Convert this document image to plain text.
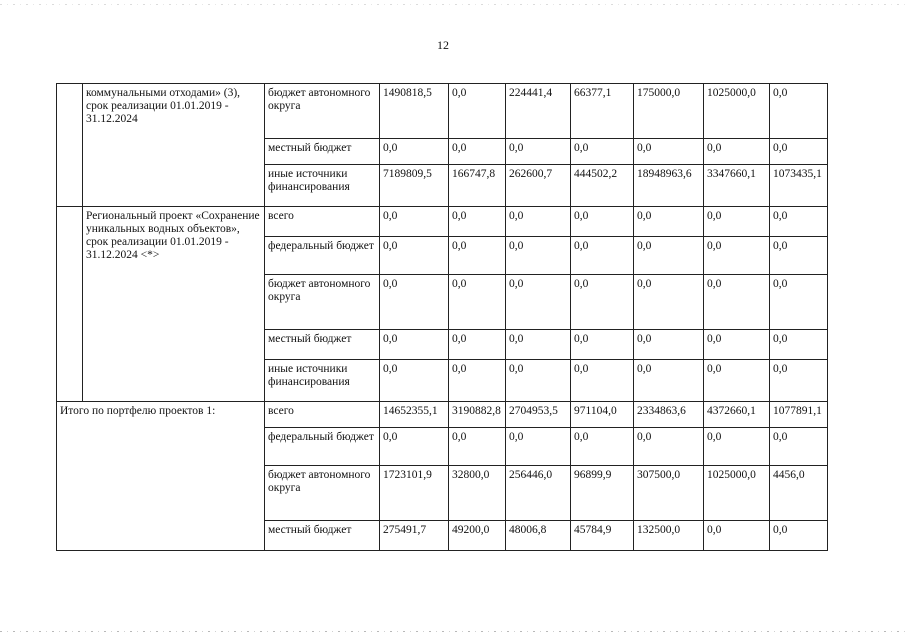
12
	коммунальными отходами» (3), срок реализации 01.01.2019 - 31.12.2024	бюджет автономного округа	1490818,5	0,0	224441,4	66377,1	175000,0	1025000,0	0,0
		местный бюджет	0,0	0,0	0,0	0,0	0,0	0,0	0,0
		иные источники финансирования	7189809,5	166747,8	262600,7	444502,2	18948963,6	3347660,1	1073435,1
	Региональный проект «Сохранение уникальных водных объектов», срок реализации 01.01.2019 - 31.12.2024 <*>	всего	0,0	0,0	0,0	0,0	0,0	0,0	0,0
		федеральный бюджет	0,0	0,0	0,0	0,0	0,0	0,0	0,0
		бюджет автономного округа	0,0	0,0	0,0	0,0	0,0	0,0	0,0
		местный бюджет	0,0	0,0	0,0	0,0	0,0	0,0	0,0
		иные источники финансирования	0,0	0,0	0,0	0,0	0,0	0,0	0,0
Итого по портфелю проектов 1:		всего	14652355,1	3190882,8	2704953,5	971104,0	2334863,6	4372660,1	1077891,1
		федеральный бюджет	0,0	0,0	0,0	0,0	0,0	0,0	0,0
		бюджет автономного округа	1723101,9	32800,0	256446,0	96899,9	307500,0	1025000,0	4456,0
		местный бюджет	275491,7	49200,0	48006,8	45784,9	132500,0	0,0	0,0
